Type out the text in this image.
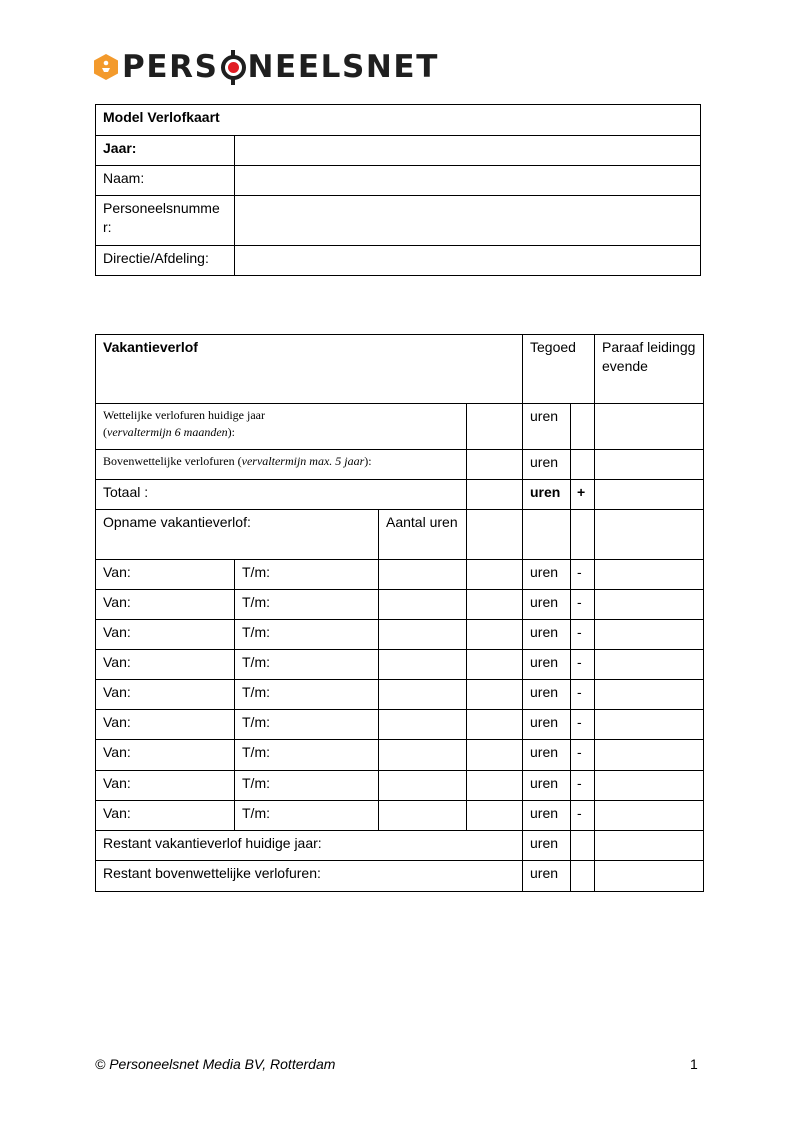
PERS NEELSNET
Model Verlofkaart	
Jaar:	
Naam:	
Personeelsnummer:	
Directie/Afdeling:	
Vakantieverlof				Tegoed		Paraaf leidinggevende
Wettelijke verlofuren huidige jaar
(vervaltermijn 6 maanden):				uren		
Bovenwettelijke verlofuren (vervaltermijn max. 5 jaar):				uren		
Totaal :				uren	+	
Opname vakantieverlof:		Aantal uren				
Van:	T/m:			uren	-	
Van:	T/m:			uren	-	
Van:	T/m:			uren	-	
Van:	T/m:			uren	-	
Van:	T/m:			uren	-	
Van:	T/m:			uren	-	
Van:	T/m:			uren	-	
Van:	T/m:			uren	-	
Van:	T/m:			uren	-	
Restant vakantieverlof huidige jaar:				uren		
Restant bovenwettelijke verlofuren:				uren		
© Personeelsnet Media BV, Rotterdam	1
